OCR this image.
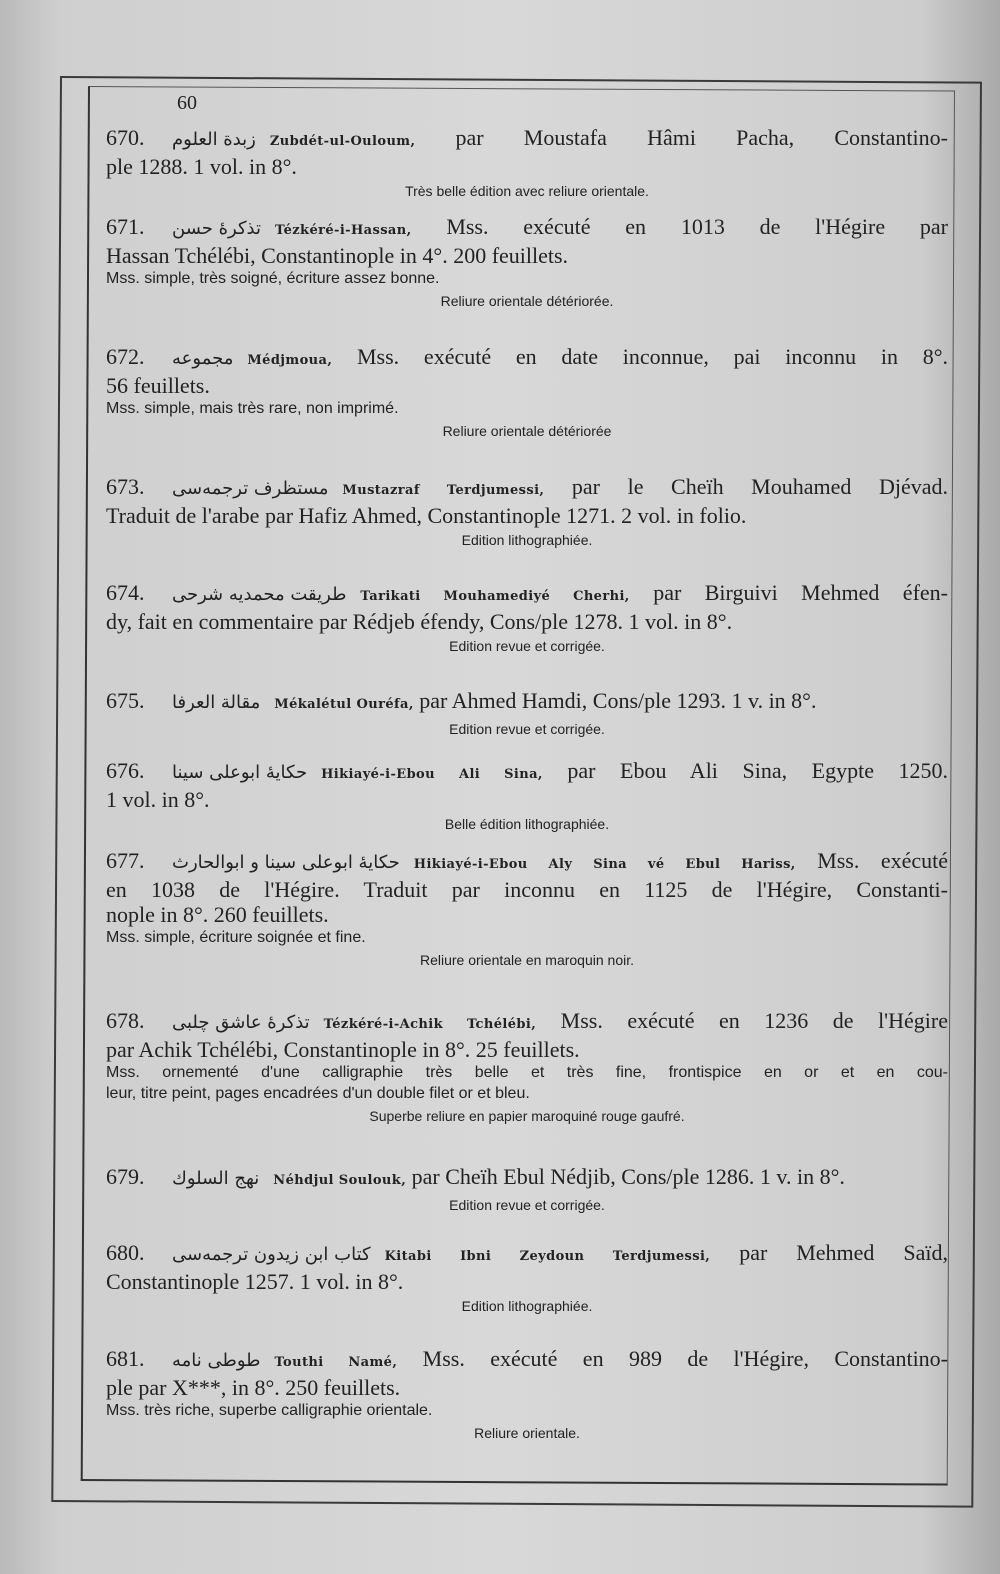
60
670. زبدة العلوم Zubdét-ul-Ouloum, par Moustafa Hâmi Pacha, Constantino-
ple 1288. 1 vol. in 8°.
Très belle édition avec reliure orientale.
671. تذكرهٔ حسن Tézkéré-i-Hassan, Mss. exécuté en 1013 de l'Hégire par
Hassan Tchélébi, Constantinople in 4°. 200 feuillets.
Mss. simple, très soigné, écriture assez bonne.
Reliure orientale détériorée.
672. مجموعه Médjmoua, Mss. exécuté en date inconnue, pai inconnu in 8°.
56 feuillets.
Mss. simple, mais très rare, non imprimé.
Reliure orientale détériorée
673. مستظرف ترجمه‌سی Mustazraf Terdjumessi, par le Cheïh Mouhamed Djévad.
Traduit de l'arabe par Hafiz Ahmed, Constantinople 1271. 2 vol. in folio.
Edition lithographiée.
674. طريقت محمديه شرحى Tarikati Mouhamediyé Cherhi, par Birguivi Mehmed éfen-
dy, fait en commentaire par Rédjeb éfendy, Cons/ple 1278. 1 vol. in 8°.
Edition revue et corrigée.
675. مقالة العرفا Mékalétul Ouréfa, par Ahmed Hamdi, Cons/ple 1293. 1 v. in 8°.
Edition revue et corrigée.
676. حكايهٔ ابوعلى سينا Hikiayé-i-Ebou Ali Sina, par Ebou Ali Sina, Egypte 1250.
1 vol. in 8°.
Belle édition lithographiée.
677. حكايهٔ ابوعلى سينا و ابوالحارث Hikiayé-i-Ebou Aly Sina vé Ebul Hariss, Mss. exécuté
en 1038 de l'Hégire. Traduit par inconnu en 1125 de l'Hégire, Constanti-
nople in 8°. 260 feuillets.
Mss. simple, écriture soignée et fine.
Reliure orientale en maroquin noir.
678. تذكرهٔ عاشق چلبى Tézkéré-i-Achik Tchélébi, Mss. exécuté en 1236 de l'Hégire
par Achik Tchélébi, Constantinople in 8°. 25 feuillets.
Mss. ornementé d'une calligraphie très belle et très fine, frontispice en or et en cou-
leur, titre peint, pages encadrées d'un double filet or et bleu.
Superbe reliure en papier maroquiné rouge gaufré.
679. نهج السلوك Néhdjul Soulouk, par Cheïh Ebul Nédjib, Cons/ple 1286. 1 v. in 8°.
Edition revue et corrigée.
680. كتاب ابن زيدون ترجمه‌سى Kitabi Ibni Zeydoun Terdjumessi, par Mehmed Saïd,
Constantinople 1257. 1 vol. in 8°.
Edition lithographiée.
681. طوطى نامه Touthi Namé, Mss. exécuté en 989 de l'Hégire, Constantino-
ple par X***, in 8°. 250 feuillets.
Mss. très riche, superbe calligraphie orientale.
Reliure orientale.
